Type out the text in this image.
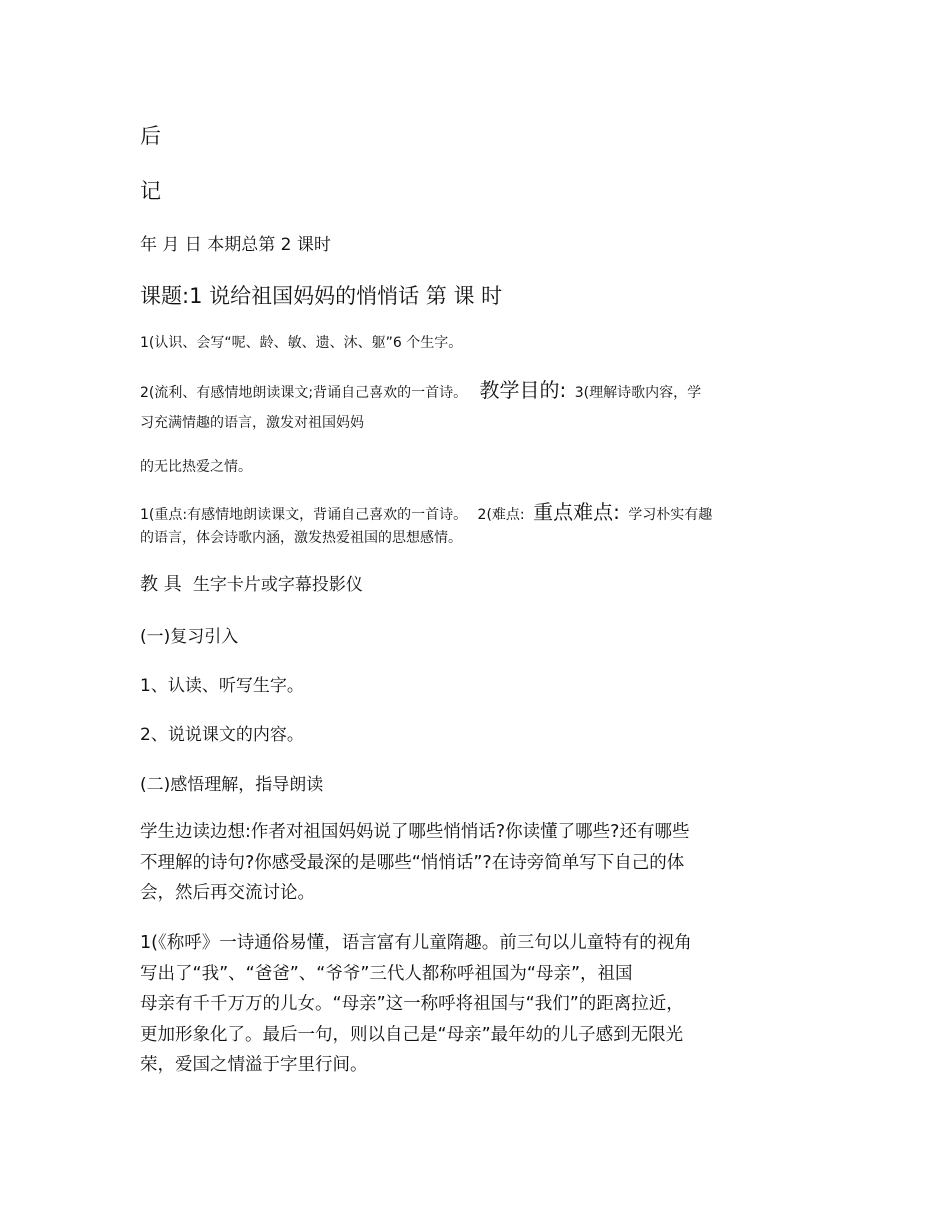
后
记
年 月 日 本期总第 2 课时
课题:1 说给祖国妈妈的悄悄话 第 课 时
1(认识、会写“呢、龄、敏、遗、沐、躯”6 个生字。
2(流利、有感情地朗读课文;背诵自己喜欢的一首诗。 教学目的: 3(理解诗歌内容，学
习充满情趣的语言，激发对祖国妈妈
的无比热爱之情。
1(重点:有感情地朗读课文，背诵自己喜欢的一首诗。 2(难点: 重点难点: 学习朴实有趣
的语言，体会诗歌内涵，激发热爱祖国的思想感情。
教 具 生字卡片或字幕投影仪
(一)复习引入
1、认读、听写生字。
2、说说课文的内容。
(二)感悟理解，指导朗读
学生边读边想:作者对祖国妈妈说了哪些悄悄话?你读懂了哪些?还有哪些
不理解的诗句?你感受最深的是哪些“悄悄话”?在诗旁简单写下自己的体
会，然后再交流讨论。
1(《称呼》一诗通俗易懂，语言富有儿童隋趣。前三句以儿童特有的视角
写出了“我”、“爸爸”、“爷爷”三代人都称呼祖国为“母亲”，祖国
母亲有千千万万的儿女。“母亲”这一称呼将祖国与“我们”的距离拉近，
更加形象化了。最后一句，则以自己是“母亲”最年幼的儿子感到无限光
荣，爱国之情溢于字里行间。
